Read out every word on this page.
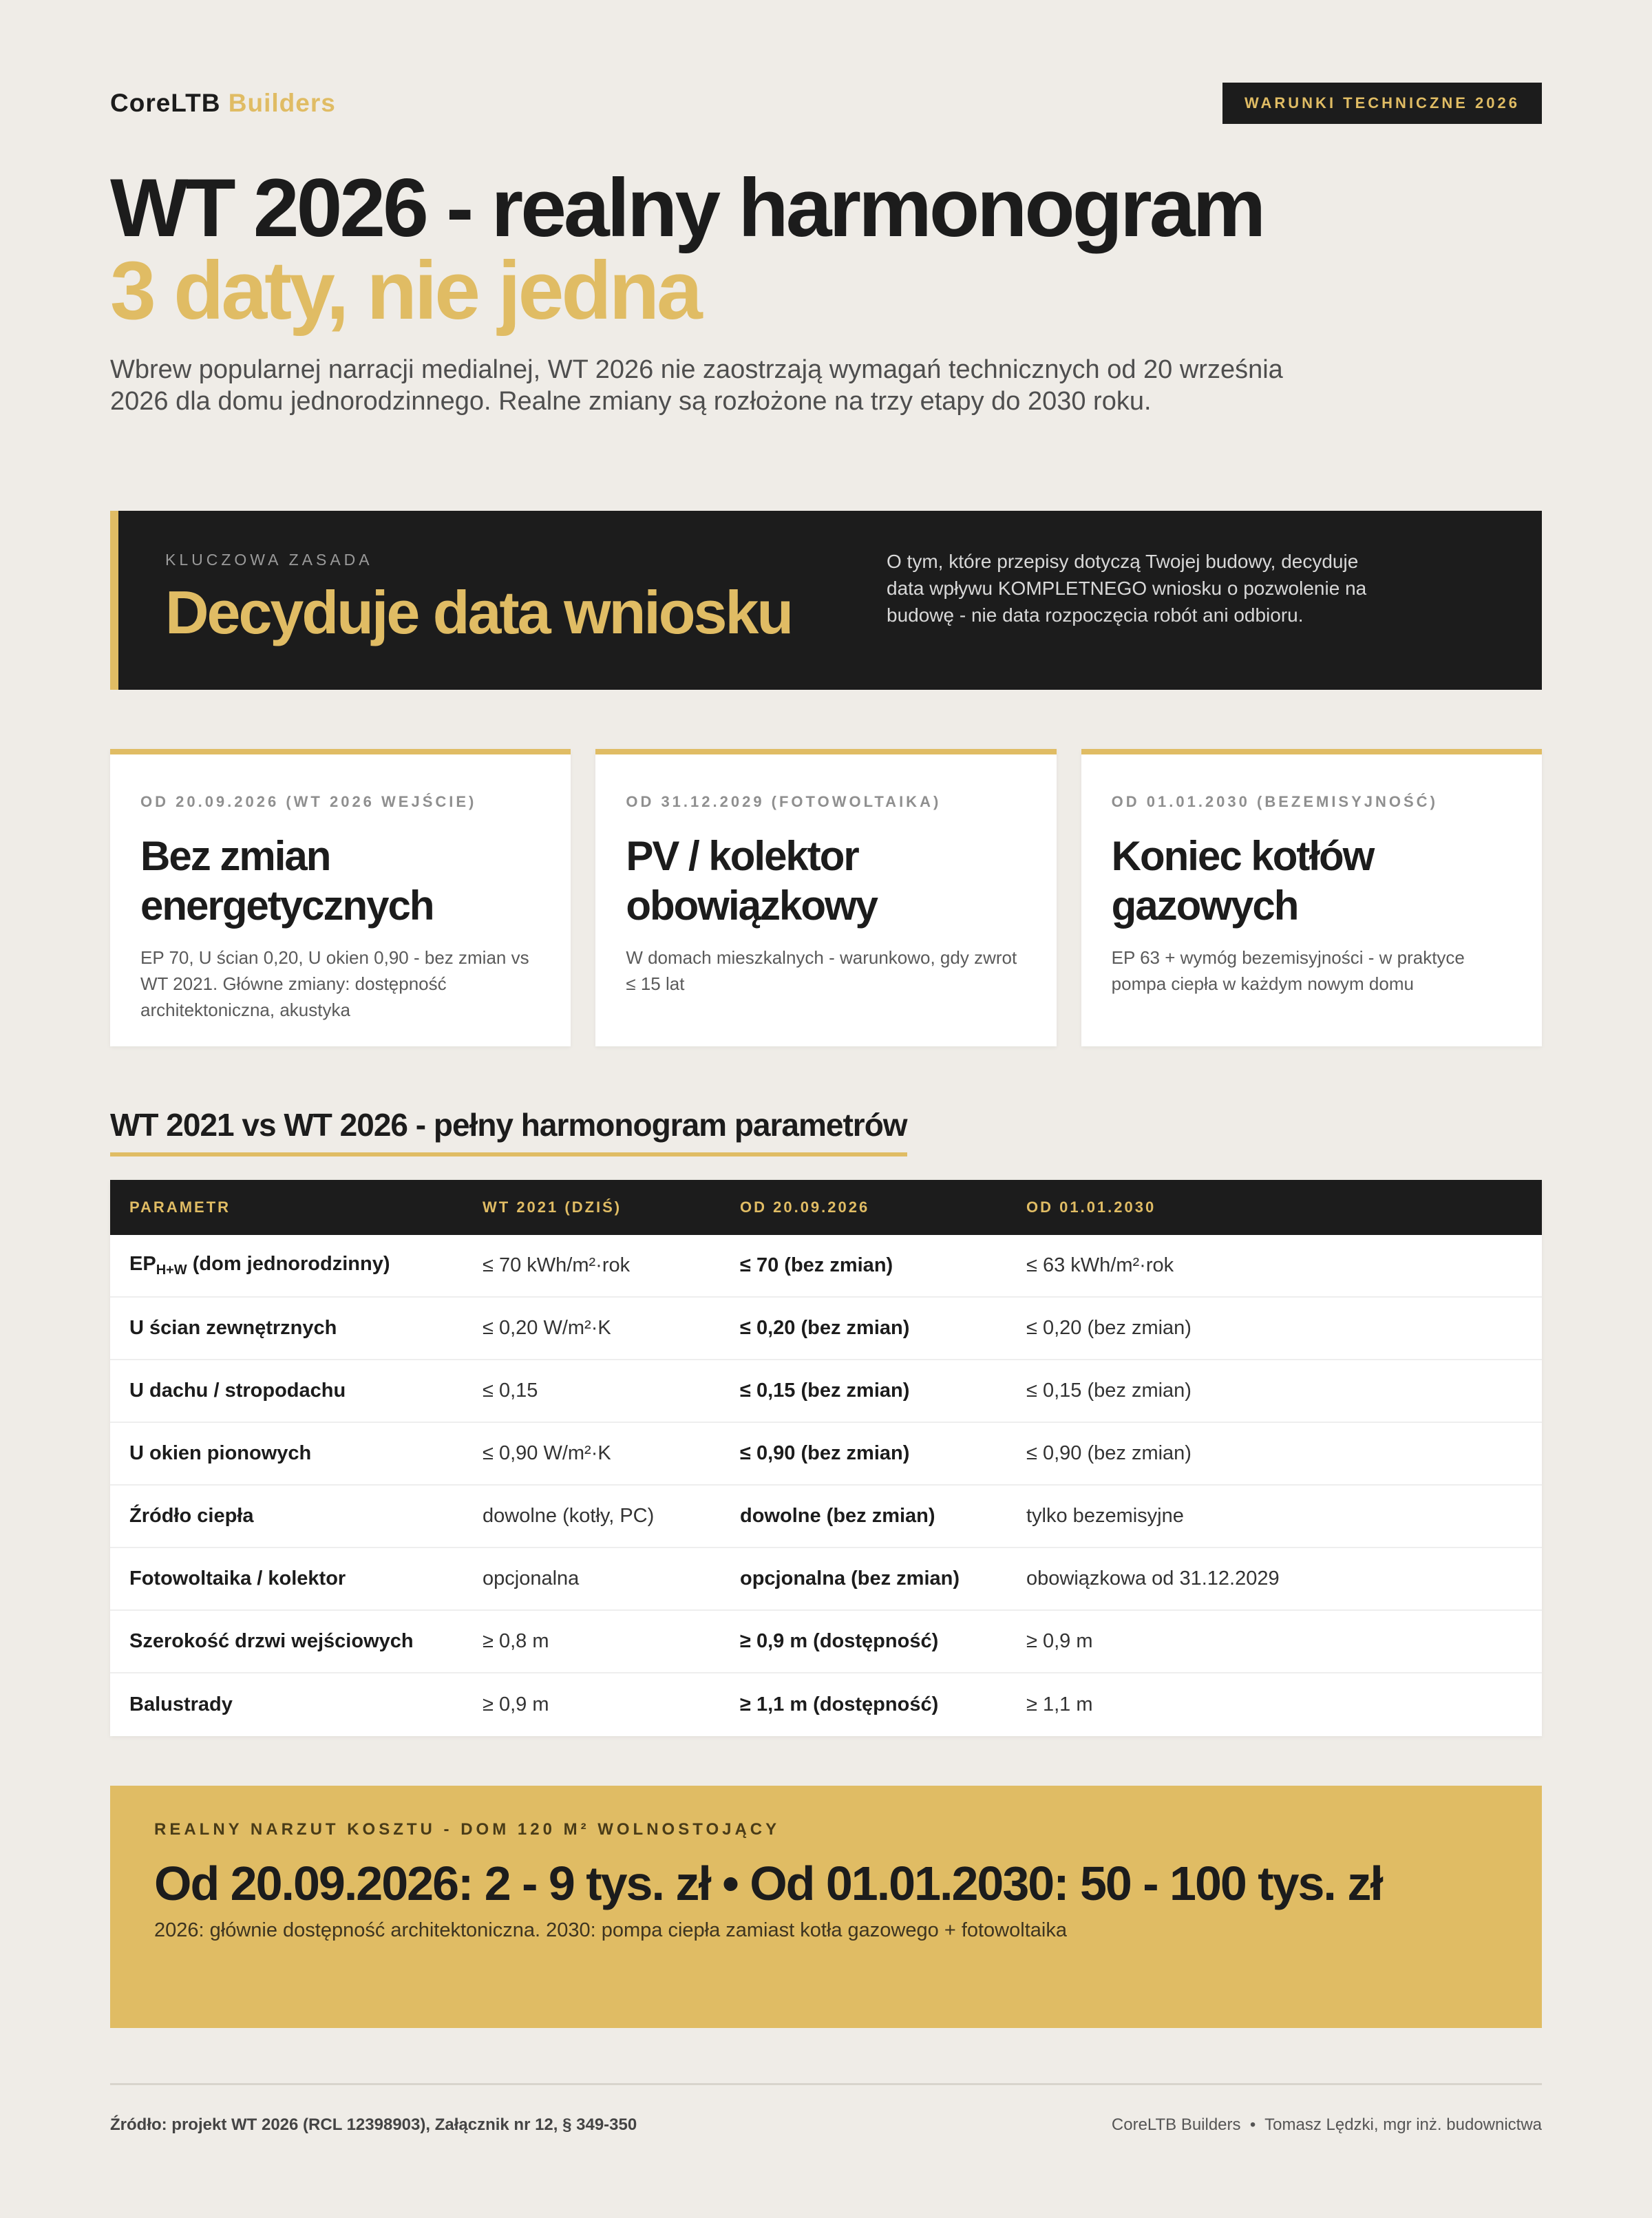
CoreLTB Builders	WARUNKI TECHNICZNE 2026
WT 2026 - realny harmonogram
3 daty, nie jedna

Wbrew popularnej narracji medialnej, WT 2026 nie zaostrzają wymagań technicznych od 20 września 2026 dla domu jednorodzinnego. Realne zmiany są rozłożone na trzy etapy do 2030 roku.

KLUCZOWA ZASADA
Decyduje data wniosku
O tym, które przepisy dotyczą Twojej budowy, decyduje data wpływu KOMPLETNEGO wniosku o pozwolenie na budowę - nie data rozpoczęcia robót ani odbioru.
OD 20.09.2026 (WT 2026 WEJŚCIE)
Bez zmian energetycznych
EP 70, U ścian 0,20, U okien 0,90 - bez zmian vs WT 2021. Główne zmiany: dostępność architektoniczna, akustyka
OD 31.12.2029 (FOTOWOLTAIKA)
PV / kolektor obowiązkowy
W domach mieszkalnych - warunkowo, gdy zwrot ≤ 15 lat
OD 01.01.2030 (BEZEMISYJNOŚĆ)
Koniec kotłów gazowych
EP 63 + wymóg bezemisyjności - w praktyce pompa ciepła w każdym nowym domu
WT 2021 vs WT 2026 - pełny harmonogram parametrów
PARAMETR	WT 2021 (DZIŚ)	OD 20.09.2026	OD 01.01.2030
$EP_{H+W}$ (dom jednorodzinny)	≤ 70 kWh/m²·rok	≤ 70 (bez zmian)	≤ 63 kWh/m²·rok
U ścian zewnętrznych	≤ 0,20 W/m²·K	≤ 0,20 (bez zmian)	≤ 0,20 (bez zmian)
U dachu / stropodachu	≤ 0,15	≤ 0,15 (bez zmian)	≤ 0,15 (bez zmian)
U okien pionowych	≤ 0,90 W/m²·K	≤ 0,90 (bez zmian)	≤ 0,90 (bez zmian)
Źródło ciepła	dowolne (kotły, PC)	dowolne (bez zmian)	tylko bezemisyjne
Fotowoltaika / kolektor	opcjonalna	opcjonalna (bez zmian)	obowiązkowa od 31.12.2029
Szerokość drzwi wejściowych	≥ 0,8 m	≥ 0,9 m (dostępność)	≥ 0,9 m
Balustrady	≥ 0,9 m	≥ 1,1 m (dostępność)	≥ 1,1 m
REALNY NARZUT KOSZTU - DOM 120 M² WOLNOSTOJĄCY
Od 20.09.2026: 2 - 9 tys. zł • Od 01.01.2030: 50 - 100 tys. zł
2026: głównie dostępność architektoniczna. 2030: pompa ciepła zamiast kotła gazowego + fotowoltaika
Źródło: projekt WT 2026 (RCL 12398903), Załącznik nr 12, § 349-350	CoreLTB Builders  •  Tomasz Lędzki, mgr inż. budownictwa
